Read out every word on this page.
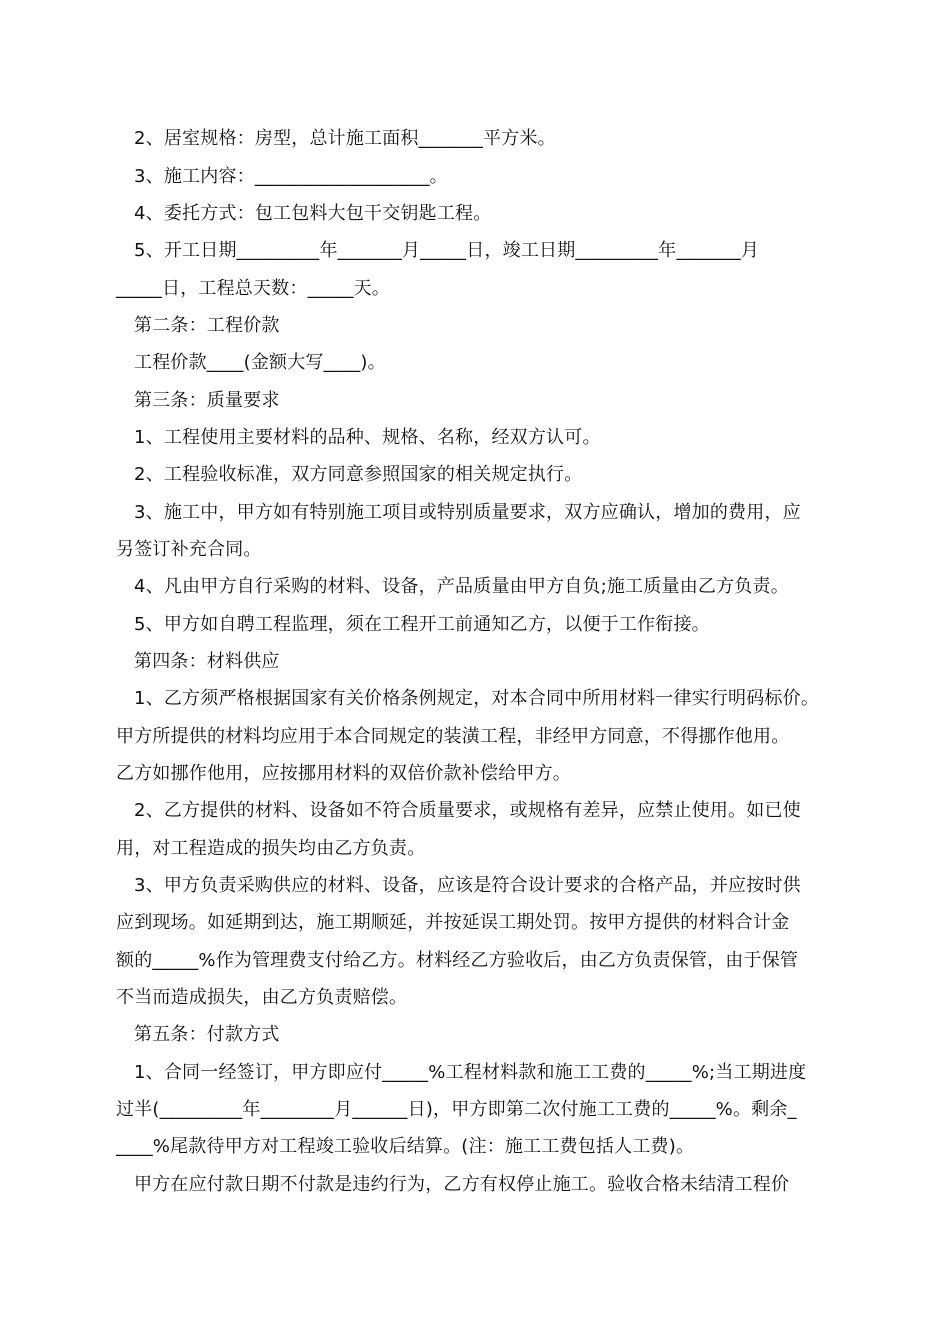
2、居室规格：房型，总计施工面积_______平方米。
3、施工内容：___________________。
4、委托方式：包工包料大包干交钥匙工程。
5、开工日期_________年_______月_____日，竣工日期_________年_______月
_____日，工程总天数：_____天。
第二条：工程价款
工程价款____(金额大写____)。
第三条：质量要求
1、工程使用主要材料的品种、规格、名称，经双方认可。
2、工程验收标准，双方同意参照国家的相关规定执行。
3、施工中，甲方如有特别施工项目或特别质量要求，双方应确认，增加的费用，应
另签订补充合同。
4、凡由甲方自行采购的材料、设备，产品质量由甲方自负;施工质量由乙方负责。
5、甲方如自聘工程监理，须在工程开工前通知乙方，以便于工作衔接。
第四条：材料供应
1、乙方须严格根据国家有关价格条例规定，对本合同中所用材料一律实行明码标价。
甲方所提供的材料均应用于本合同规定的装潢工程，非经甲方同意，不得挪作他用。
乙方如挪作他用，应按挪用材料的双倍价款补偿给甲方。
2、乙方提供的材料、设备如不符合质量要求，或规格有差异，应禁止使用。如已使
用，对工程造成的损失均由乙方负责。
3、甲方负责采购供应的材料、设备，应该是符合设计要求的合格产品，并应按时供
应到现场。如延期到达，施工期顺延，并按延误工期处罚。按甲方提供的材料合计金
额的_____%作为管理费支付给乙方。材料经乙方验收后，由乙方负责保管，由于保管
不当而造成损失，由乙方负责赔偿。
第五条：付款方式
1、合同一经签订，甲方即应付_____%工程材料款和施工工费的_____%;当工期进度
过半(_________年________月______日)，甲方即第二次付施工工费的_____%。剩余_
____%尾款待甲方对工程竣工验收后结算。(注：施工工费包括人工费)。
甲方在应付款日期不付款是违约行为，乙方有权停止施工。验收合格未结清工程价
